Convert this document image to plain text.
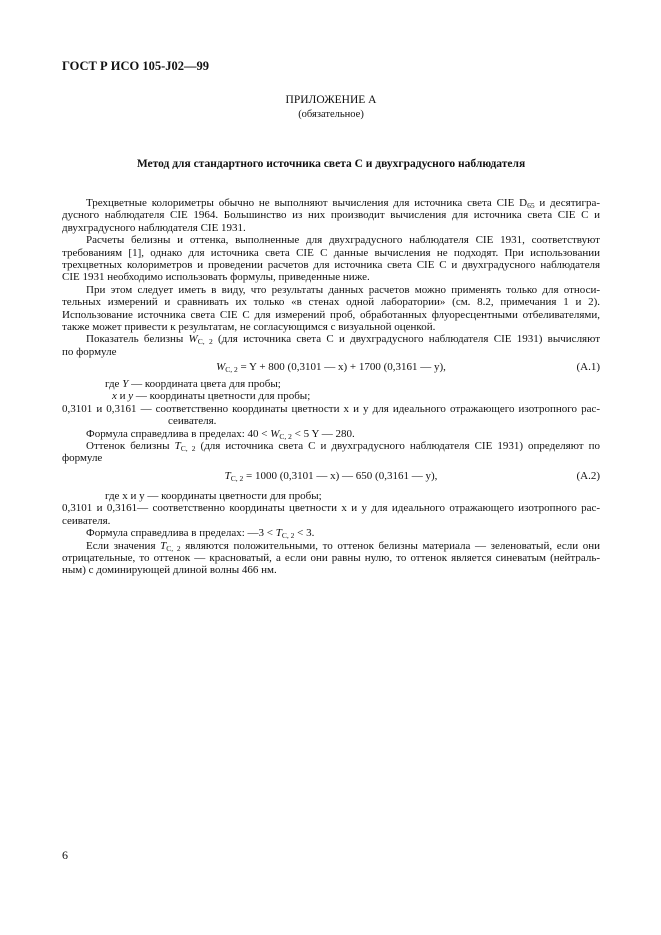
ГОСТ Р ИСО 105-J02—99
ПРИЛОЖЕНИЕ А
(обязательное)
Метод для стандартного источника света С и двухградусного наблюдателя
Трехцветные колориметры обычно не выполняют вычисления для источника света CIE $D_{65}$ и десятигра-
дусного наблюдателя CIE 1964. Большинство из них производит вычисления для источника света CIE С и
двухградусного наблюдателя CIE 1931.
Расчеты белизны и оттенка, выполненные для двухградусного наблюдателя CIE 1931, соответствуют
требованиям [1], однако для источника света CIE С данные вычисления не подходят. При использовании
трехцветных колориметров и проведении расчетов для источника света CIE С и двухградусного наблюдателя
CIE 1931 необходимо использовать формулы, приведенные ниже.
При этом следует иметь в виду, что результаты данных расчетов можно применять только для относи-
тельных измерений и сравнивать их только «в стенах одной лаборатории» (см. 8.2, примечания 1 и 2).
Использование источника света CIE С для измерений проб, обработанных флуоресцентными отбеливателями,
также может привести к результатам, не согласующимся с визуальной оценкой.
Показатель белизны $W_{C, 2}$ (для источника света С и двухградусного наблюдателя CIE 1931) вычисляют
по формуле
$W_{C, 2} = Y + 800$ (0,3101 — x) + 1700 (0,3161 — y),	(А.1)
где Y — координата цвета для пробы;
x и y — координаты цветности для пробы;
0,3101 и 0,3161 — соответственно координаты цветности x и y для идеального отражающего изотропного рас-
сеивателя.
Формула справедлива в пределах: $40 < W_{C, 2} < 5$ Y — 280.
Оттенок белизны $T_{C, 2}$ (для источника света С и двухградусного наблюдателя CIE 1931) определяют по
формуле
$T_{C, 2} = 1000$ (0,3101 — x) — 650 (0,3161 — y),	(А.2)
где x и y — координаты цветности для пробы;
0,3101 и 0,3161— соответственно координаты цветности x и y для идеального отражающего изотропного рас-
сеивателя.
Формула справедлива в пределах: —3 < $T_{C, 2} < 3$.
Если значения $T_{C, 2}$ являются положительными, то оттенок белизны материала — зеленоватый, если они
отрицательные, то оттенок — красноватый, а если они равны нулю, то оттенок является синеватым (нейтраль-
ным) с доминирующей длиной волны 466 нм.
6
